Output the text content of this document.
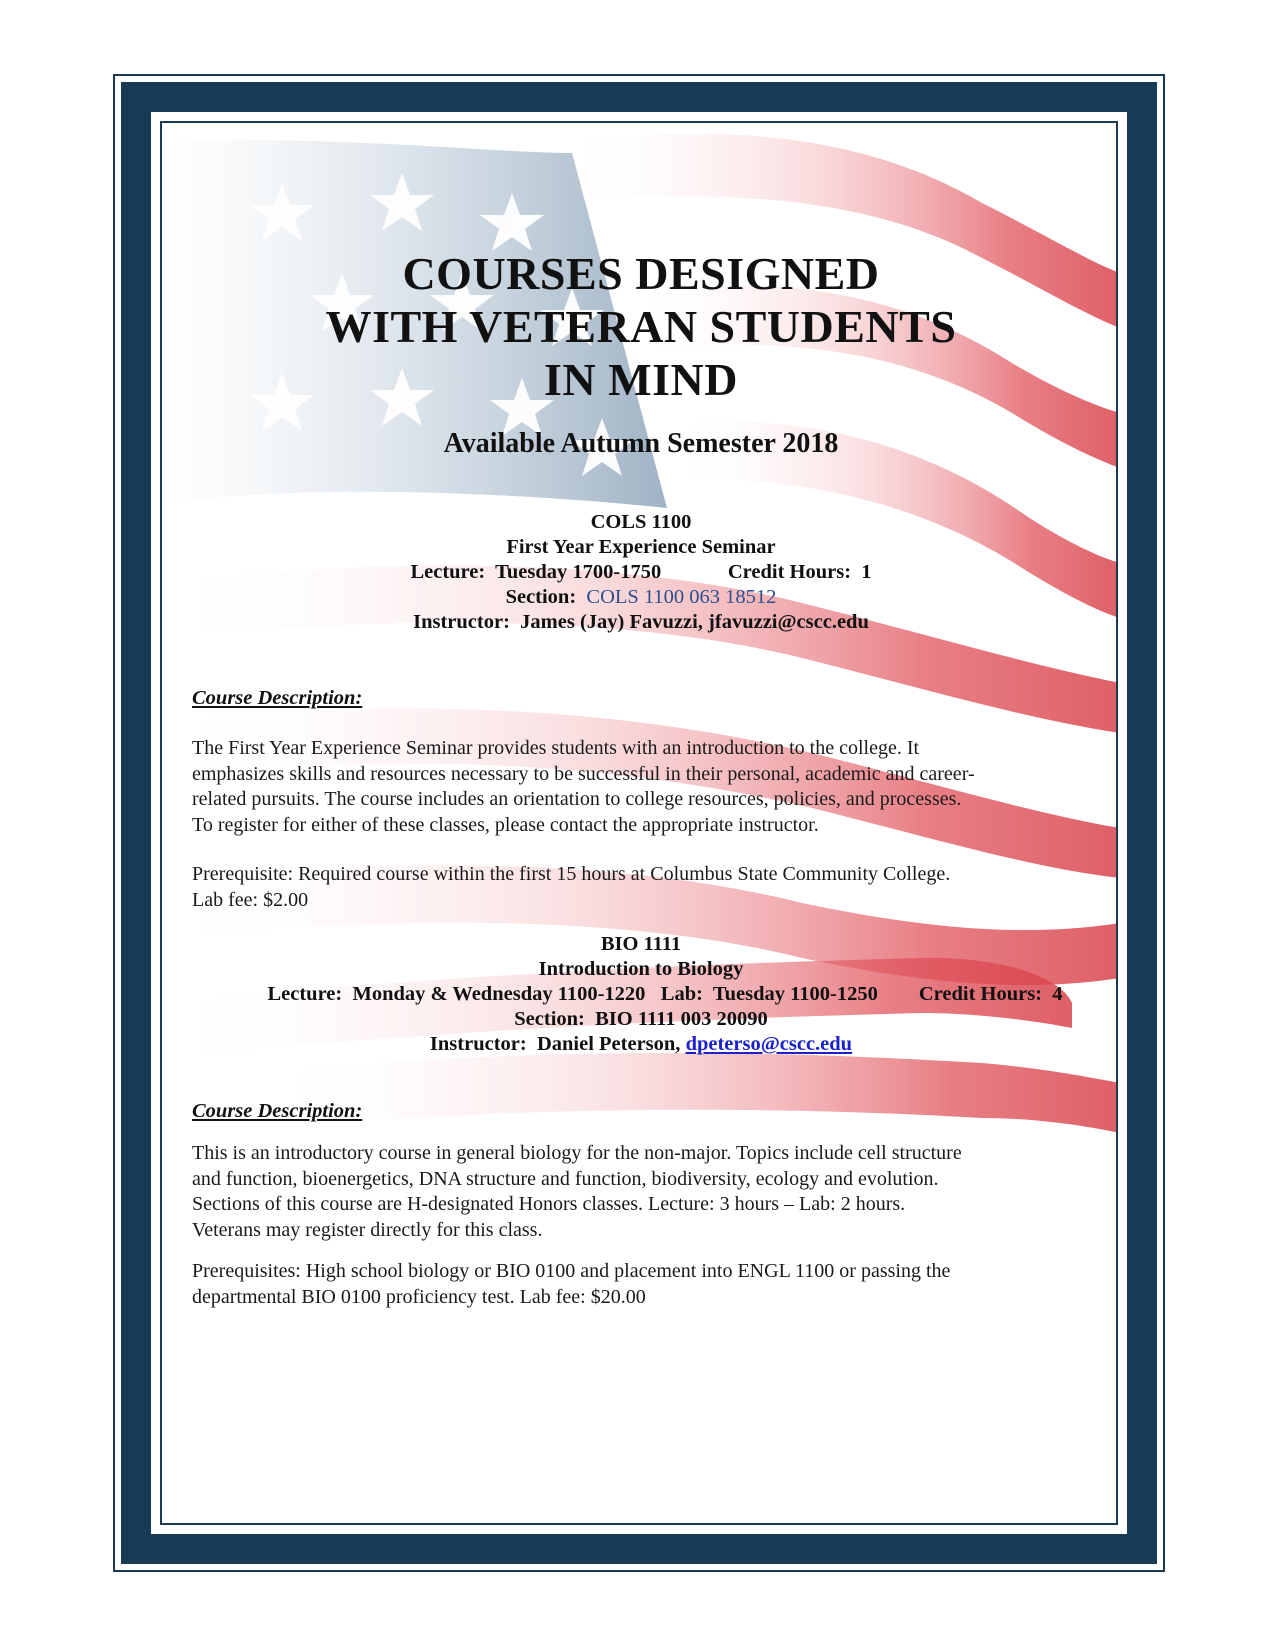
COURSES DESIGNED
WITH VETERAN STUDENTS
IN MIND
Available Autumn Semester 2018
COLS 1100
First Year Experience Seminar
Lecture: Tuesday 1700-1750	Credit Hours: 1
Section: COLS 1100 063 18512
Instructor: James (Jay) Favuzzi, jfavuzzi@cscc.edu
Course Description:
The First Year Experience Seminar provides students with an introduction to the college. It
emphasizes skills and resources necessary to be successful in their personal, academic and career-
related pursuits. The course includes an orientation to college resources, policies, and processes.
To register for either of these classes, please contact the appropriate instructor.
Prerequisite: Required course within the first 15 hours at Columbus State Community College.
Lab fee: $2.00
BIO 1111
Introduction to Biology
Lecture: Monday & Wednesday 1100-1220 Lab: Tuesday 1100-1250 Credit Hours: 4
Section: BIO 1111 003 20090
Instructor: Daniel Peterson, dpeterso@cscc.edu
Course Description:
This is an introductory course in general biology for the non-major. Topics include cell structure
and function, bioenergetics, DNA structure and function, biodiversity, ecology and evolution.
Sections of this course are H-designated Honors classes. Lecture: 3 hours – Lab: 2 hours.
Veterans may register directly for this class.
Prerequisites: High school biology or BIO 0100 and placement into ENGL 1100 or passing the
departmental BIO 0100 proficiency test. Lab fee: $20.00
